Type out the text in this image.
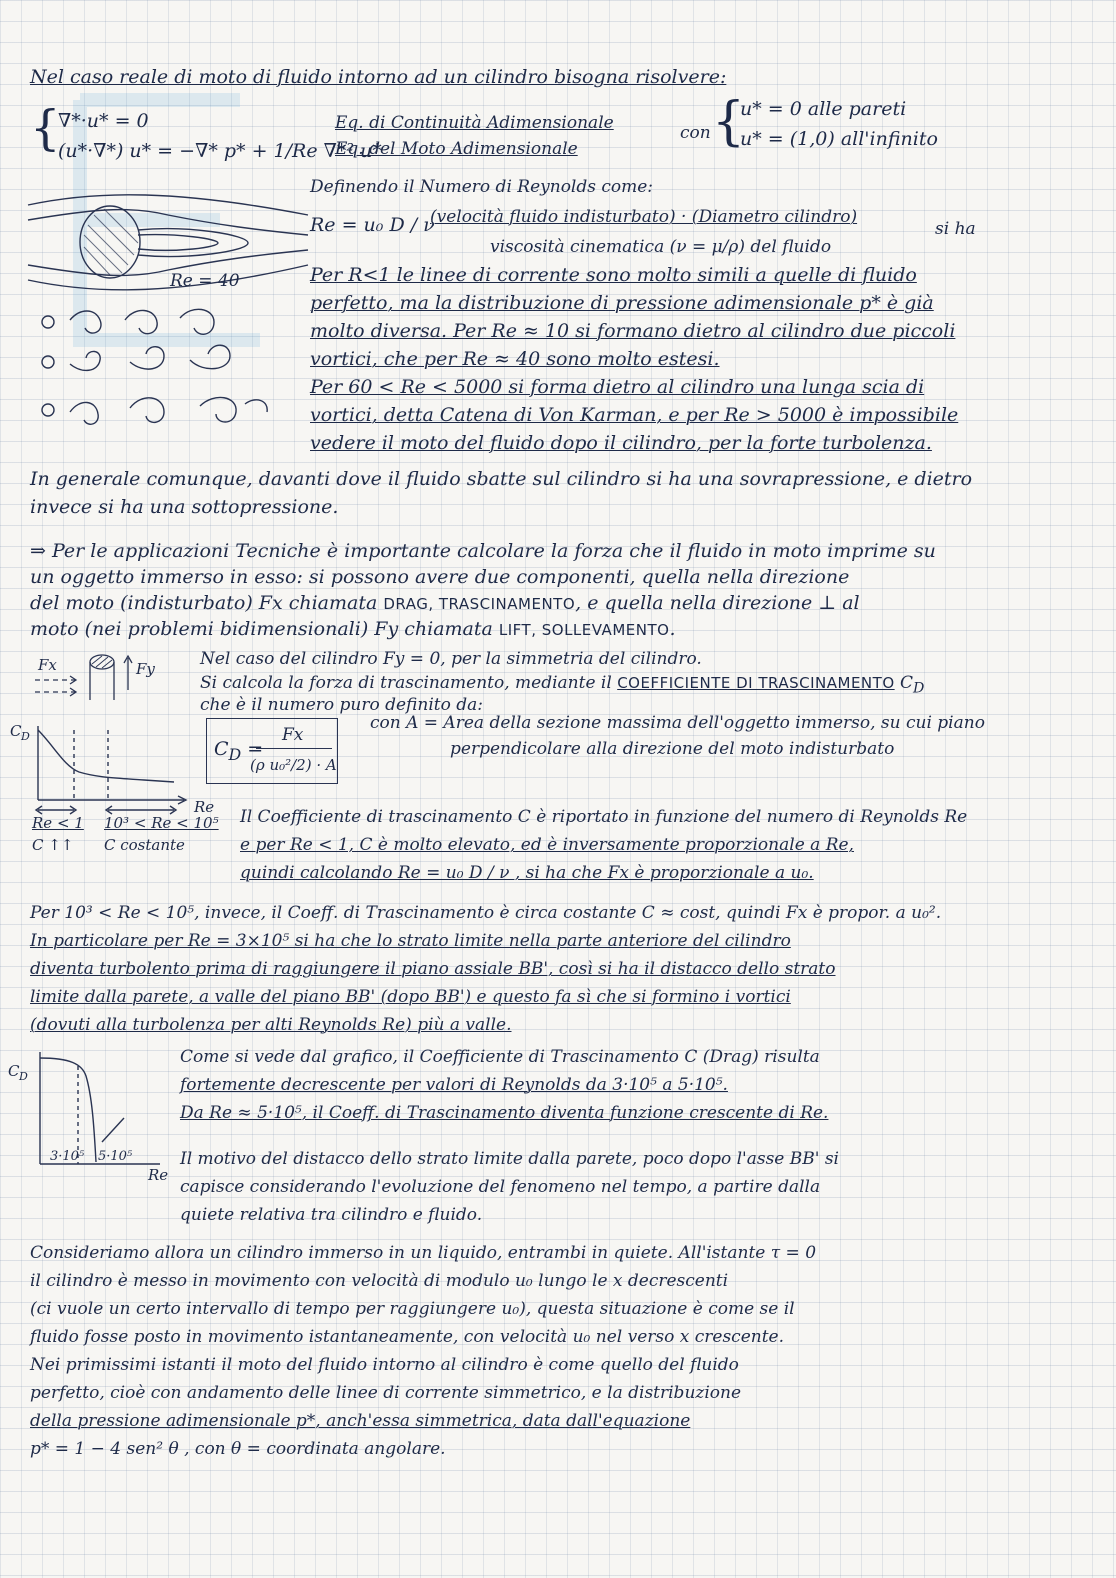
Nel caso reale di moto di fluido intorno ad un cilindro bisogna risolvere:
{
∇*·u* = 0
(u*·∇*) u* = −∇* p* + 1/Re ∇*² u*
Eq. di Continuità Adimensionale
Eq. del Moto Adimensionale
con {
u* = 0 alle pareti
u* = (1,0) all'infinito
Re = 40
Definendo il Numero di Reynolds come:
Re = u₀ D / ν
(velocità fluido indisturbato) · (Diametro cilindro)
viscosità cinematica (ν = μ/ρ) del fluido
si ha
Per R<1 le linee di corrente sono molto simili a quelle di fluido
perfetto, ma la distribuzione di pressione adimensionale p* è già
molto diversa. Per Re ≈ 10 si formano dietro al cilindro due piccoli
vortici, che per Re ≈ 40 sono molto estesi.
Per 60 < Re < 5000 si forma dietro al cilindro una lunga scia di
vortici, detta Catena di Von Karman, e per Re > 5000 è impossibile
vedere il moto del fluido dopo il cilindro, per la forte turbolenza.
In generale comunque, davanti dove il fluido sbatte sul cilindro si ha una sovrapressione, e dietro
invece si ha una sottopressione.
⇒ Per le applicazioni Tecniche è importante calcolare la forza che il fluido in moto imprime su
un oggetto immerso in esso: si possono avere due componenti, quella nella direzione
del moto (indisturbato) Fx chiamata DRAG, TRASCINAMENTO, e quella nella direzione ⊥ al
moto (nei problemi bidimensionali) Fy chiamata LIFT, SOLLEVAMENTO.
Fx	Fy	Nel caso del cilindro Fy = 0, per la simmetria del cilindro.
Si calcola la forza di trascinamento, mediante il COEFFICIENTE DI TRASCINAMENTO $C_D$
che è il numero puro definito da:
$C_D$ =
Fx
(ρ u₀²/2) · A
con A = Area della sezione massima dell'oggetto immerso, su cui piano
perpendicolare alla direzione del moto indisturbato
C D
Re
Re < 1
C ↑↑
10³ < Re < 10⁵
C costante
Il Coefficiente di trascinamento C è riportato in funzione del numero di Reynolds Re
e per Re < 1, C è molto elevato, ed è inversamente proporzionale a Re,
quindi calcolando Re = u₀ D / ν , si ha che Fx è proporzionale a u₀.
Per 10³ < Re < 10⁵, invece, il Coeff. di Trascinamento è circa costante C ≈ cost, quindi Fx è propor. a u₀².
In particolare per Re = 3×10⁵ si ha che lo strato limite nella parte anteriore del cilindro
diventa turbolento prima di raggiungere il piano assiale BB', così si ha il distacco dello strato
limite dalla parete, a valle del piano BB' (dopo BB') e questo fa sì che si formino i vortici
(dovuti alla turbolenza per alti Reynolds Re) più a valle.
C D
3·10⁵ 5·10⁵
Re
Come si vede dal grafico, il Coefficiente di Trascinamento C (Drag) risulta
fortemente decrescente per valori di Reynolds da 3·10⁵ a 5·10⁵.
Da Re ≈ 5·10⁵, il Coeff. di Trascinamento diventa funzione crescente di Re.
Il motivo del distacco dello strato limite dalla parete, poco dopo l'asse BB' si
capisce considerando l'evoluzione del fenomeno nel tempo, a partire dalla
quiete relativa tra cilindro e fluido.
Consideriamo allora un cilindro immerso in un liquido, entrambi in quiete. All'istante τ = 0
il cilindro è messo in movimento con velocità di modulo u₀ lungo le x decrescenti
(ci vuole un certo intervallo di tempo per raggiungere u₀), questa situazione è come se il
fluido fosse posto in movimento istantaneamente, con velocità u₀ nel verso x crescente.
Nei primissimi istanti il moto del fluido intorno al cilindro è come quello del fluido
perfetto, cioè con andamento delle linee di corrente simmetrico, e la distribuzione
della pressione adimensionale p*, anch'essa simmetrica, data dall'equazione
p* = 1 − 4 sen² θ , con θ = coordinata angolare.
